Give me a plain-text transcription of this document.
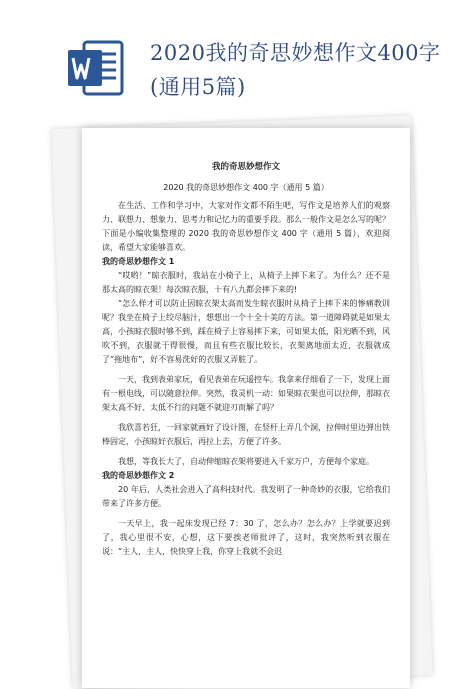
2020我的奇思妙想作文400字(通用5篇)
我的奇思妙想作文
2020 我的奇思妙想作文 400 字（通用 5 篇）

在生活、工作和学习中，大家对作文都不陌生吧，写作文是培养人们的观察力、联想力、想象力、思考力和记忆力的重要手段。那么一般作文是怎么写的呢？下面是小编收集整理的 2020 我的奇思妙想作文 400 字（通用 5 篇），欢迎阅读，希望大家能够喜欢。

我的奇思妙想作文 1

“哎哟！”晾衣服时，我站在小椅子上，从椅子上摔下来了。为什么？还不是那太高的晾衣架！每次晾衣服，十有八九都会摔下来的!

“怎么样才可以防止因晾衣架太高而发生晾衣服时从椅子上摔下来的惨痛教训呢？我坐在椅子上绞尽脑汁，想想出一个十全十美的方法。第一道障碍就是如果太高，小孩晾衣服时够不到，踩在椅子上容易摔下来，可如果太低，阳光晒不到，风吹不到，衣服就干得很慢，而且有些衣服比较长，衣架离地面太近，衣服就成了“拖地布”，好不容易洗好的衣服又弄脏了。

一天，我到表弟家玩，看见表弟在玩遥控车。我拿来仔细看了一下，发现上面有一根电线，可以随意拉伸。突然，我灵机一动：如果晾衣架也可以拉伸，那晾衣架太高不好、太低不行的问题不就迎刃而解了吗？

我欣喜若狂，一回家就画好了设计图，在竖杆上弄几个洞，拉伸时里边弹出铁棒固定，小孩晾好衣服后，再拉上去，方便了许多。

我想，等我长大了，自动伸缩晾衣架将要进入千家万户，方便每个家庭。

我的奇思妙想作文 2

20 年后，人类社会进入了高科技时代。我发明了一种奇妙的衣服，它给我们带来了许多方便。

一天早上，我一起床发现已经 7：30 了，怎么办？怎么办？上学就要迟到了，我心里很不安，心想，这下要挨老师批评了，这时，我突然听到衣服在说：“主人，主人，快快穿上我，你穿上我就不会迟
